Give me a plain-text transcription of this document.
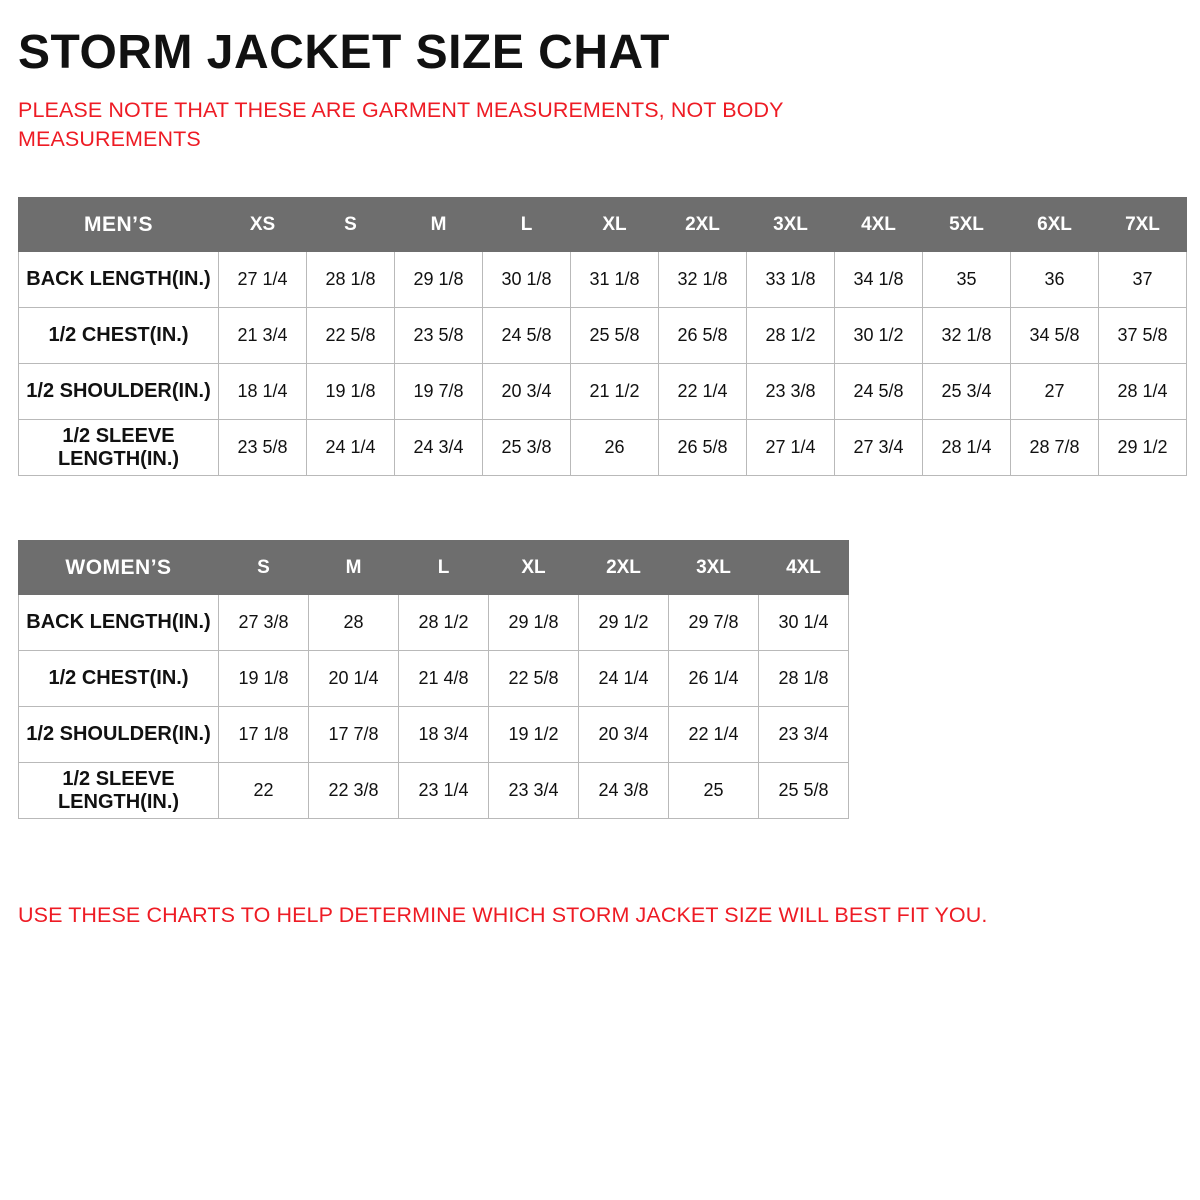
STORM JACKET SIZE CHAT
PLEASE NOTE THAT THESE ARE GARMENT MEASUREMENTS, NOT BODY MEASUREMENTS
MEN’S	XS	S	M	L	XL	2XL	3XL	4XL	5XL	6XL	7XL
BACK LENGTH(IN.)	27 1/4	28 1/8	29 1/8	30 1/8	31 1/8	32 1/8	33 1/8	34 1/8	35	36	37
1/2 CHEST(IN.)	21 3/4	22 5/8	23 5/8	24 5/8	25 5/8	26 5/8	28 1/2	30 1/2	32 1/8	34 5/8	37 5/8
1/2 SHOULDER(IN.)	18 1/4	19 1/8	19 7/8	20 3/4	21 1/2	22 1/4	23 3/8	24 5/8	25 3/4	27	28 1/4
1/2 SLEEVE LENGTH(IN.)	23 5/8	24 1/4	24 3/4	25 3/8	26	26 5/8	27 1/4	27 3/4	28 1/4	28 7/8	29 1/2
WOMEN’S	S	M	L	XL	2XL	3XL	4XL
BACK LENGTH(IN.)	27 3/8	28	28 1/2	29 1/8	29 1/2	29 7/8	30 1/4
1/2 CHEST(IN.)	19 1/8	20 1/4	21 4/8	22 5/8	24 1/4	26 1/4	28 1/8
1/2 SHOULDER(IN.)	17 1/8	17 7/8	18 3/4	19 1/2	20 3/4	22 1/4	23 3/4
1/2 SLEEVE LENGTH(IN.)	22	22 3/8	23 1/4	23 3/4	24 3/8	25	25 5/8
USE THESE CHARTS TO HELP DETERMINE WHICH STORM JACKET SIZE WILL BEST FIT YOU.
